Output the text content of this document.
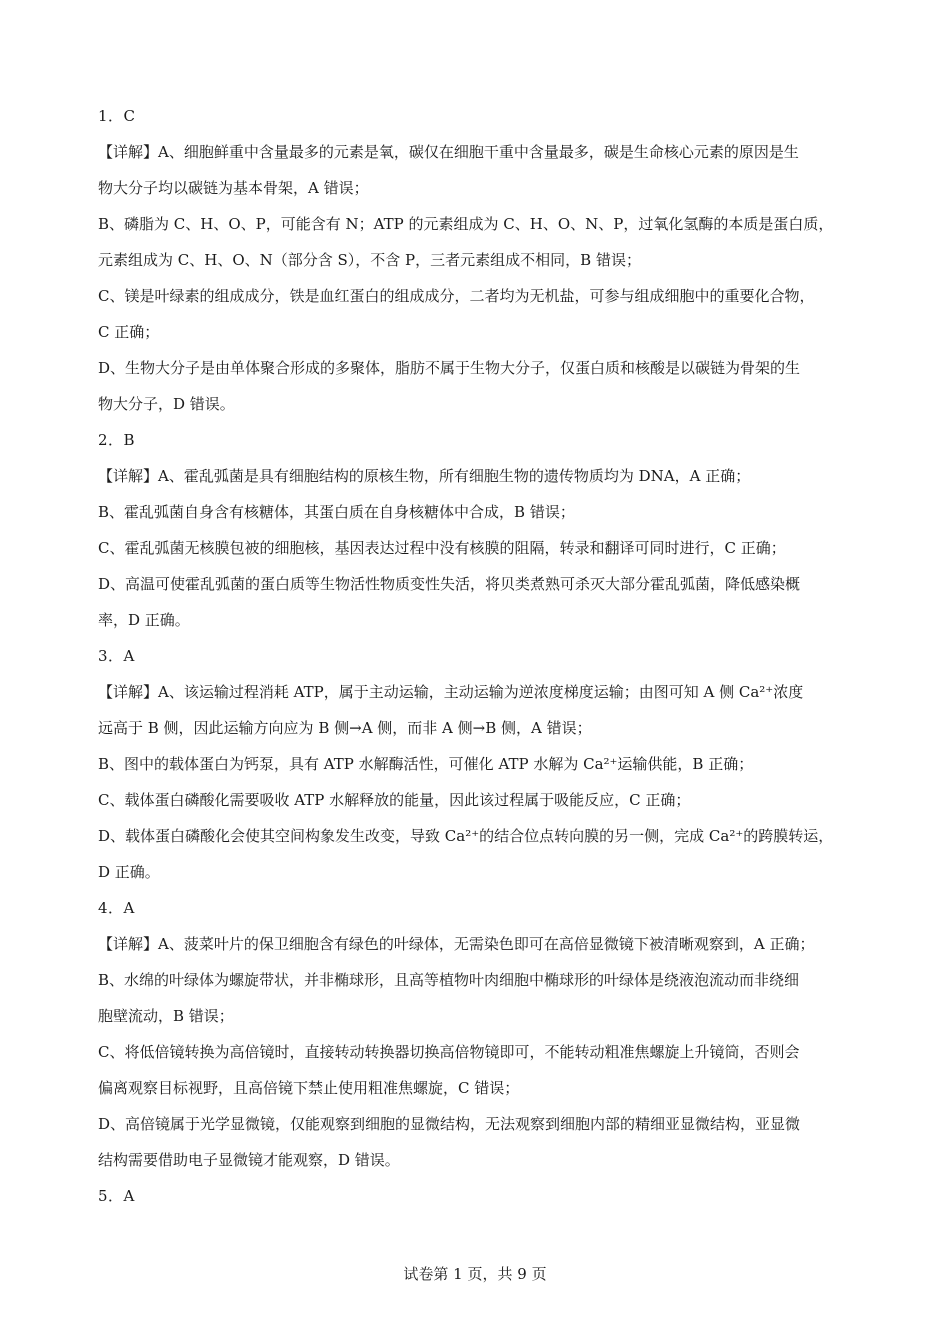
1．C
【详解】A、细胞鲜重中含量最多的元素是氧，碳仅在细胞干重中含量最多，碳是生命核心元素的原因是生
物大分子均以碳链为基本骨架，A 错误；
B、磷脂为 C、H、O、P，可能含有 N；ATP 的元素组成为 C、H、O、N、P，过氧化氢酶的本质是蛋白质，
元素组成为 C、H、O、N（部分含 S），不含 P，三者元素组成不相同，B 错误；
C、镁是叶绿素的组成成分，铁是血红蛋白的组成成分，二者均为无机盐，可参与组成细胞中的重要化合物，
C 正确；
D、生物大分子是由单体聚合形成的多聚体，脂肪不属于生物大分子，仅蛋白质和核酸是以碳链为骨架的生
物大分子，D 错误。
2．B
【详解】A、霍乱弧菌是具有细胞结构的原核生物，所有细胞生物的遗传物质均为 DNA，A 正确；
B、霍乱弧菌自身含有核糖体，其蛋白质在自身核糖体中合成，B 错误；
C、霍乱弧菌无核膜包被的细胞核，基因表达过程中没有核膜的阻隔，转录和翻译可同时进行，C 正确；
D、高温可使霍乱弧菌的蛋白质等生物活性物质变性失活，将贝类煮熟可杀灭大部分霍乱弧菌，降低感染概
率，D 正确。
3．A
【详解】A、该运输过程消耗 ATP，属于主动运输，主动运输为逆浓度梯度运输；由图可知 A 侧 Ca²⁺浓度
远高于 B 侧，因此运输方向应为 B 侧→A 侧，而非 A 侧→B 侧，A 错误；
B、图中的载体蛋白为钙泵，具有 ATP 水解酶活性，可催化 ATP 水解为 Ca²⁺运输供能，B 正确；
C、载体蛋白磷酸化需要吸收 ATP 水解释放的能量，因此该过程属于吸能反应，C 正确；
D、载体蛋白磷酸化会使其空间构象发生改变，导致 Ca²⁺的结合位点转向膜的另一侧，完成 Ca²⁺的跨膜转运，
D 正确。
4．A
【详解】A、菠菜叶片的保卫细胞含有绿色的叶绿体，无需染色即可在高倍显微镜下被清晰观察到，A 正确；
B、水绵的叶绿体为螺旋带状，并非椭球形，且高等植物叶肉细胞中椭球形的叶绿体是绕液泡流动而非绕细
胞壁流动，B 错误；
C、将低倍镜转换为高倍镜时，直接转动转换器切换高倍物镜即可，不能转动粗准焦螺旋上升镜筒，否则会
偏离观察目标视野，且高倍镜下禁止使用粗准焦螺旋，C 错误；
D、高倍镜属于光学显微镜，仅能观察到细胞的显微结构，无法观察到细胞内部的精细亚显微结构，亚显微
结构需要借助电子显微镜才能观察，D 错误。
5．A
试卷第 1 页，共 9 页
